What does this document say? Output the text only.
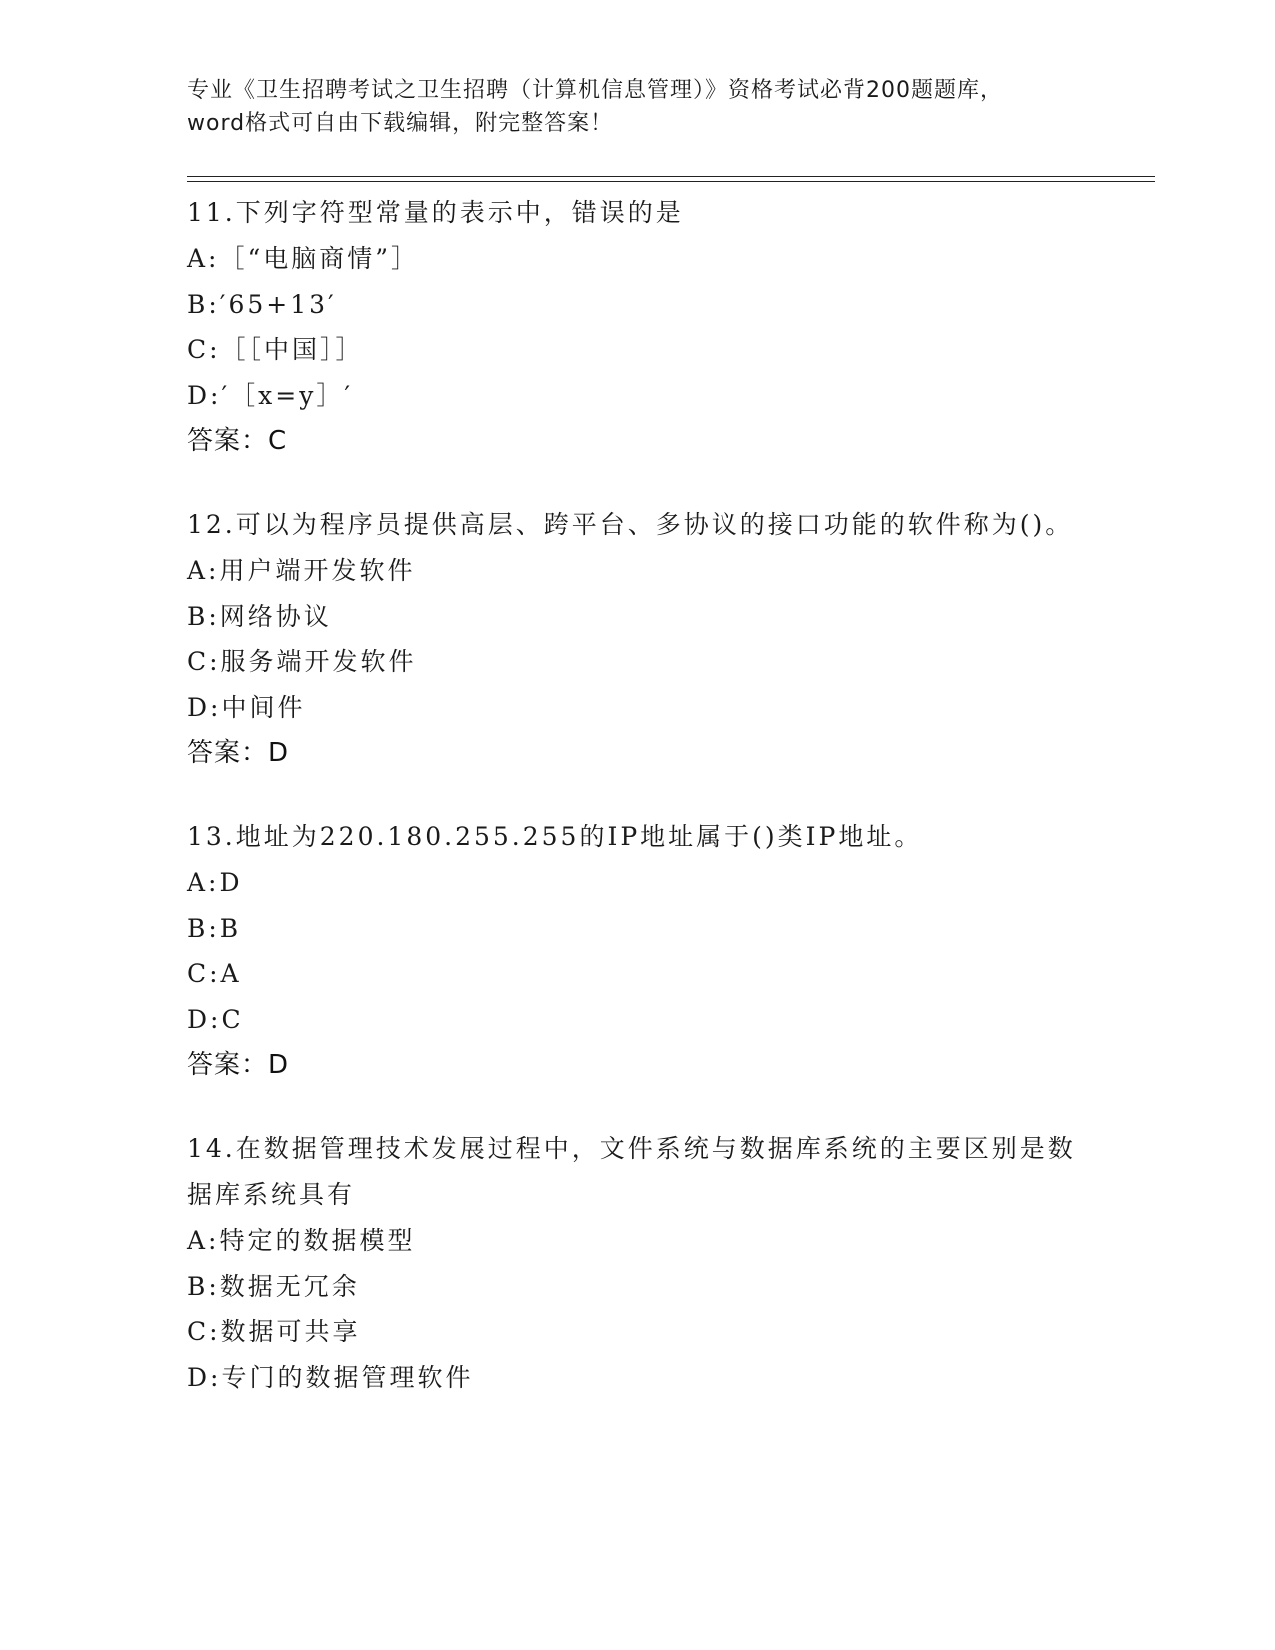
专业《卫生招聘考试之卫生招聘（计算机信息管理）》资格考试必背200题题库，
word格式可自由下载编辑，附完整答案！
11.下列字符型常量的表示中，错误的是
A:［“电脑商情”］
B:′65+13′
C:［［中国］］
D:′［x=y］′
答案：C
12.可以为程序员提供高层、跨平台、多协议的接口功能的软件称为()。
A:用户端开发软件
B:网络协议
C:服务端开发软件
D:中间件
答案：D
13.地址为220.180.255.255的IP地址属于()类IP地址。
A:D
B:B
C:A
D:C
答案：D
14.在数据管理技术发展过程中，文件系统与数据库系统的主要区别是数据库系统具有
A:特定的数据模型
B:数据无冗余
C:数据可共享
D:专门的数据管理软件
